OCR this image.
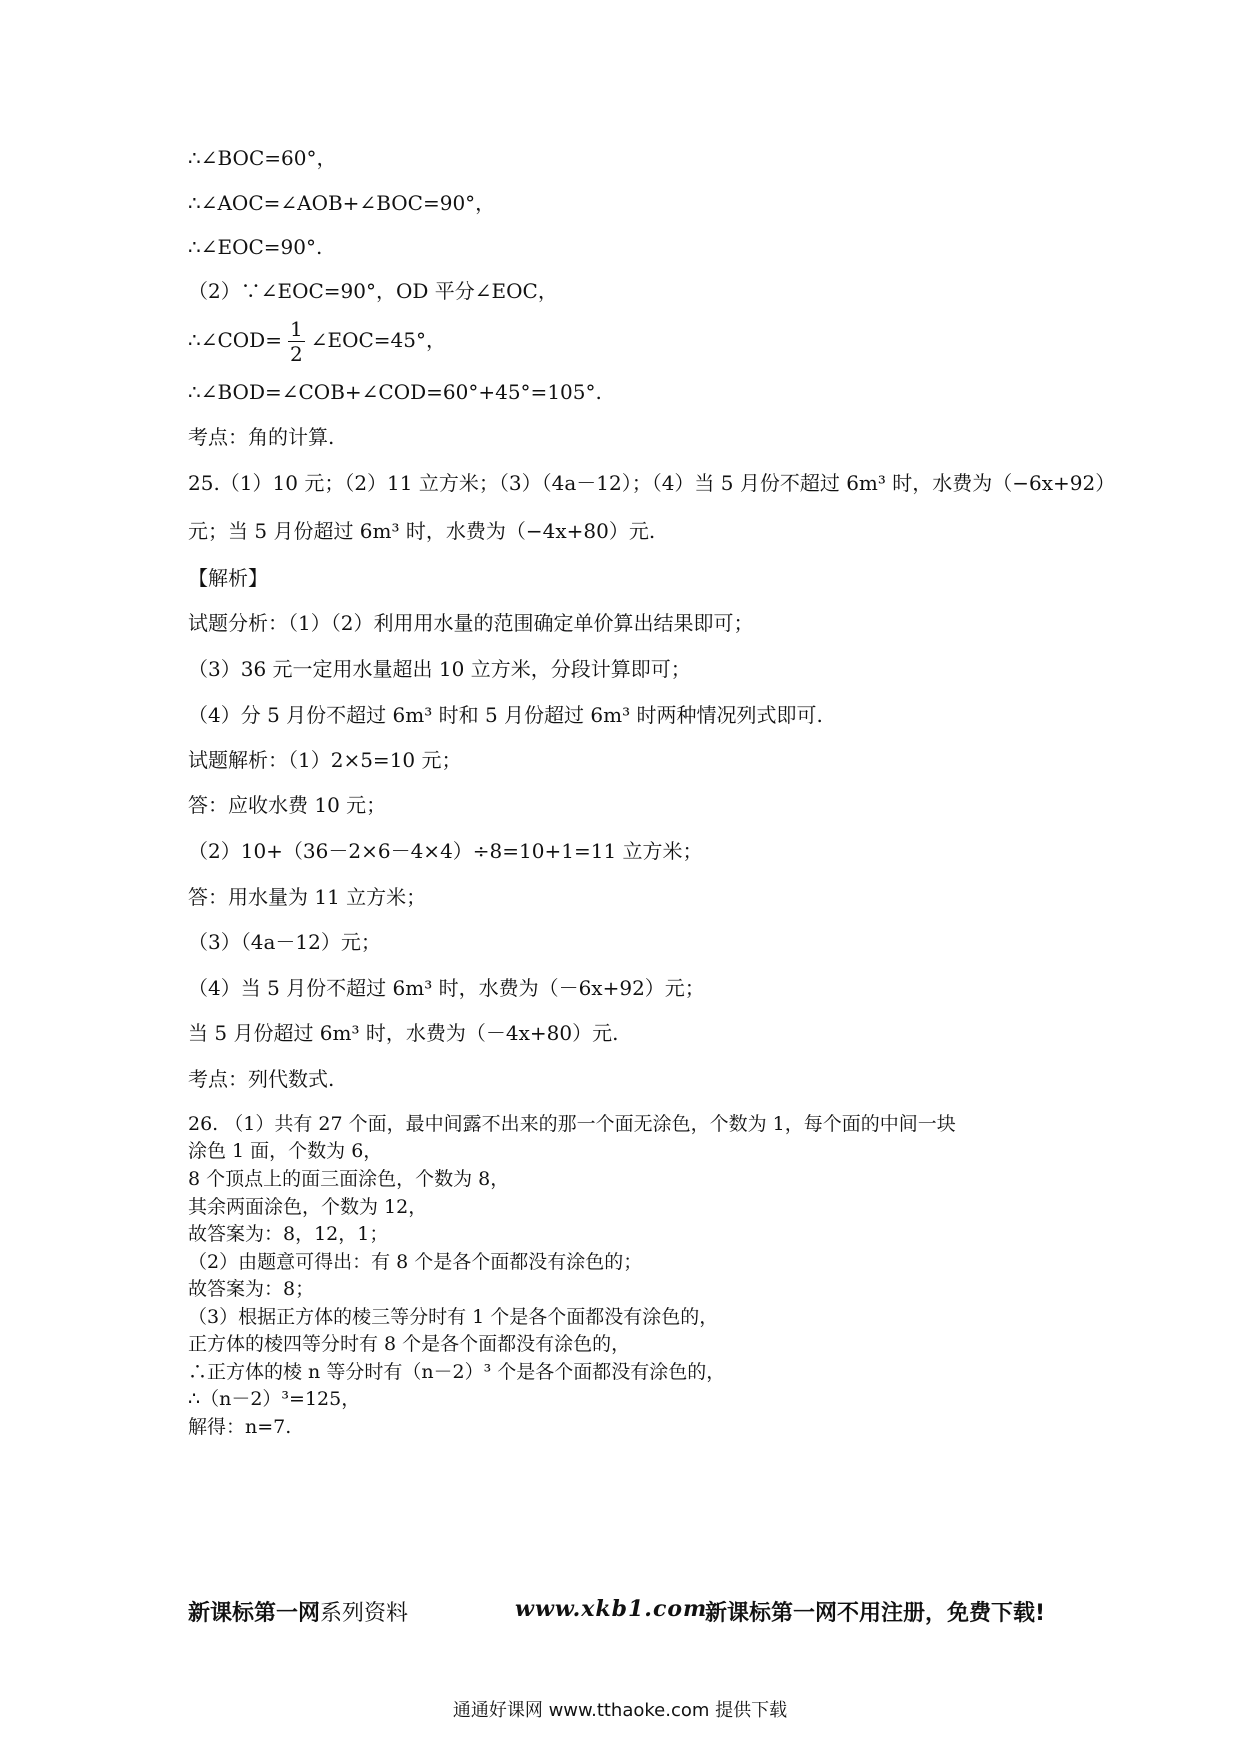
∴∠BOC=60°，
∴∠AOC=∠AOB+∠BOC=90°，
∴∠EOC=90°.
（2）∵∠EOC=90°，OD 平分∠EOC，
∴∠COD= $\frac{1}{2}$ ∠EOC=45°，
∴∠BOD=∠COB+∠COD=60°+45°=105°.
考点：角的计算.
25.（1）10 元；（2）11 立方米；（3）（4a－12）；（4）当 5 月份不超过 6m³ 时，水费为（−6x+92）
元；当 5 月份超过 6m³ 时，水费为（−4x+80）元.
【解析】
试题分析：（1）（2）利用用水量的范围确定单价算出结果即可；
（3）36 元一定用水量超出 10 立方米，分段计算即可；
（4）分 5 月份不超过 6m³ 时和 5 月份超过 6m³ 时两种情况列式即可.
试题解析：（1）2×5=10 元；
答：应收水费 10 元；
（2）10+（36－2×6－4×4）÷8=10+1=11 立方米；
答：用水量为 11 立方米；
（3）（4a－12）元；
（4）当 5 月份不超过 6m³ 时，水费为（－6x+92）元；
当 5 月份超过 6m³ 时，水费为（－4x+80）元.
考点：列代数式.
26. （1）共有 27 个面，最中间露不出来的那一个面无涂色，个数为 1，每个面的中间一块
涂色 1 面，个数为 6，
8 个顶点上的面三面涂色，个数为 8，
其余两面涂色，个数为 12，
故答案为：8，12，1；
（2）由题意可得出：有 8 个是各个面都没有涂色的；
故答案为：8；
（3）根据正方体的棱三等分时有 1 个是各个面都没有涂色的，
正方体的棱四等分时有 8 个是各个面都没有涂色的，
∴正方体的棱 n 等分时有（n－2）³ 个是各个面都没有涂色的，
∴（n－2）³=125，
解得：n=7.
新课标第一网系列资料	www.xkb1.com
新课标第一网不用注册，免费下载!
通通好课网 www.tthaoke.com 提供下载
